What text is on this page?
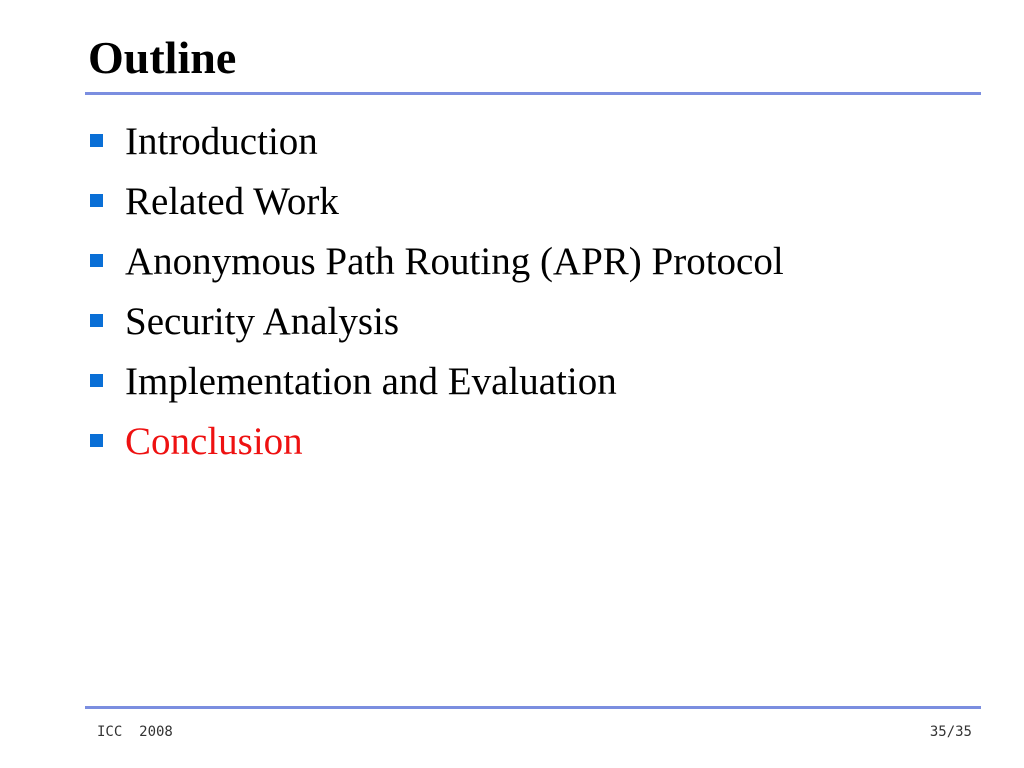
Outline
Introduction
Related Work
Anonymous Path Routing (APR) Protocol
Security Analysis
Implementation and Evaluation
Conclusion
ICC  2008	35/35
